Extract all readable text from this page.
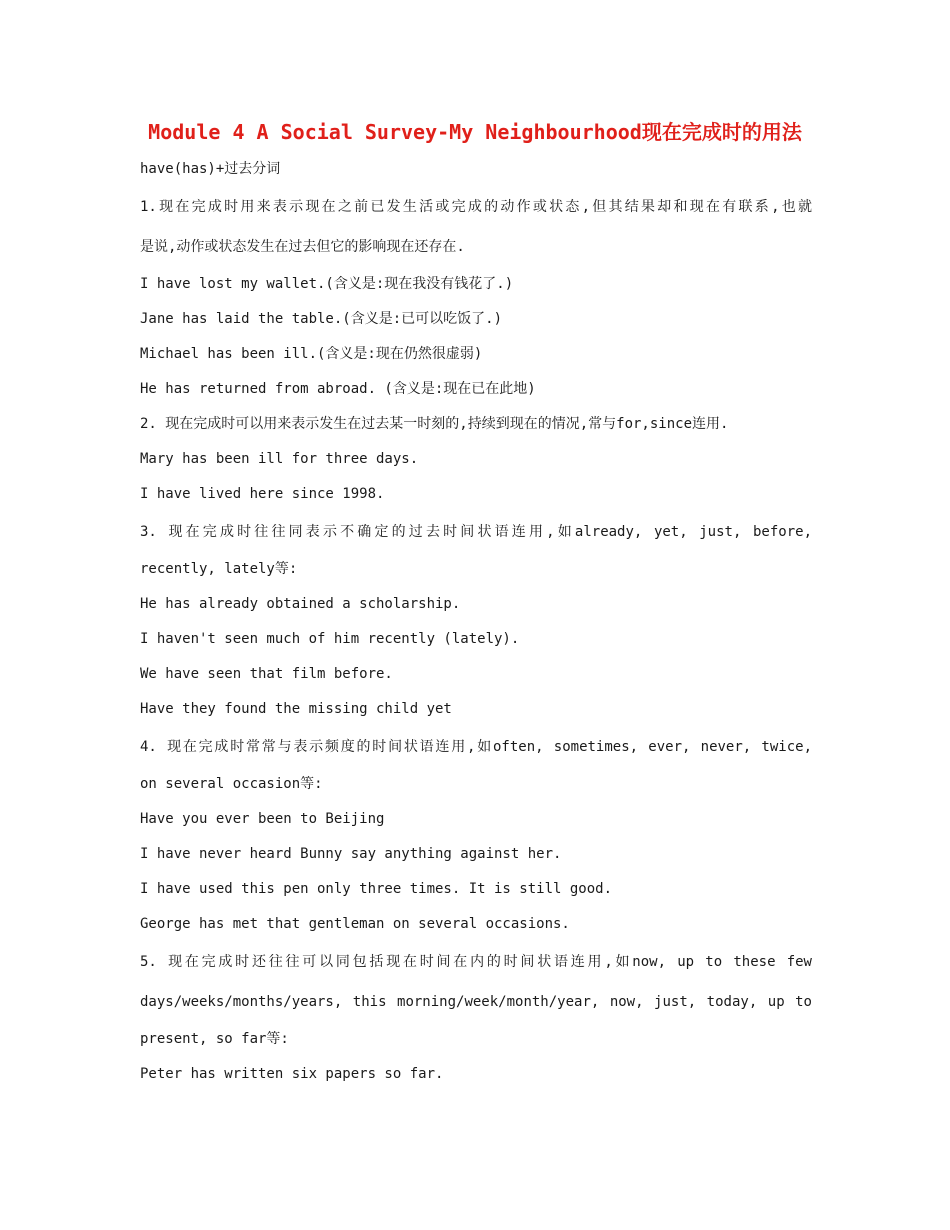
Module 4 A Social Survey-My Neighbourhood现在完成时的用法
have(has)+过去分词
1.现在完成时用来表示现在之前已发生活或完成的动作或状态,但其结果却和现在有联系,也就
是说,动作或状态发生在过去但它的影响现在还存在.
I have lost my wallet.(含义是:现在我没有钱花了.)
Jane has laid the table.(含义是:已可以吃饭了.)
Michael has been ill.(含义是:现在仍然很虚弱)
He has returned from abroad. (含义是:现在已在此地)
2. 现在完成时可以用来表示发生在过去某一时刻的,持续到现在的情况,常与for,since连用.
Mary has been ill for three days.
I have lived here since 1998.
3. 现在完成时往往同表示不确定的过去时间状语连用,如already, yet, just, before,
recently, lately等:
He has already obtained a scholarship.
I haven't seen much of him recently (lately).
We have seen that film before.
Have they found the missing child yet
4. 现在完成时常常与表示频度的时间状语连用,如often, sometimes, ever, never, twice,
on several occasion等:
Have you ever been to Beijing
I have never heard Bunny say anything against her.
I have used this pen only three times. It is still good.
George has met that gentleman on several occasions.
5. 现在完成时还往往可以同包括现在时间在内的时间状语连用,如now, up to these few
days/weeks/months/years, this morning/week/month/year, now, just, today, up to
present, so far等:
Peter has written six papers so far.
